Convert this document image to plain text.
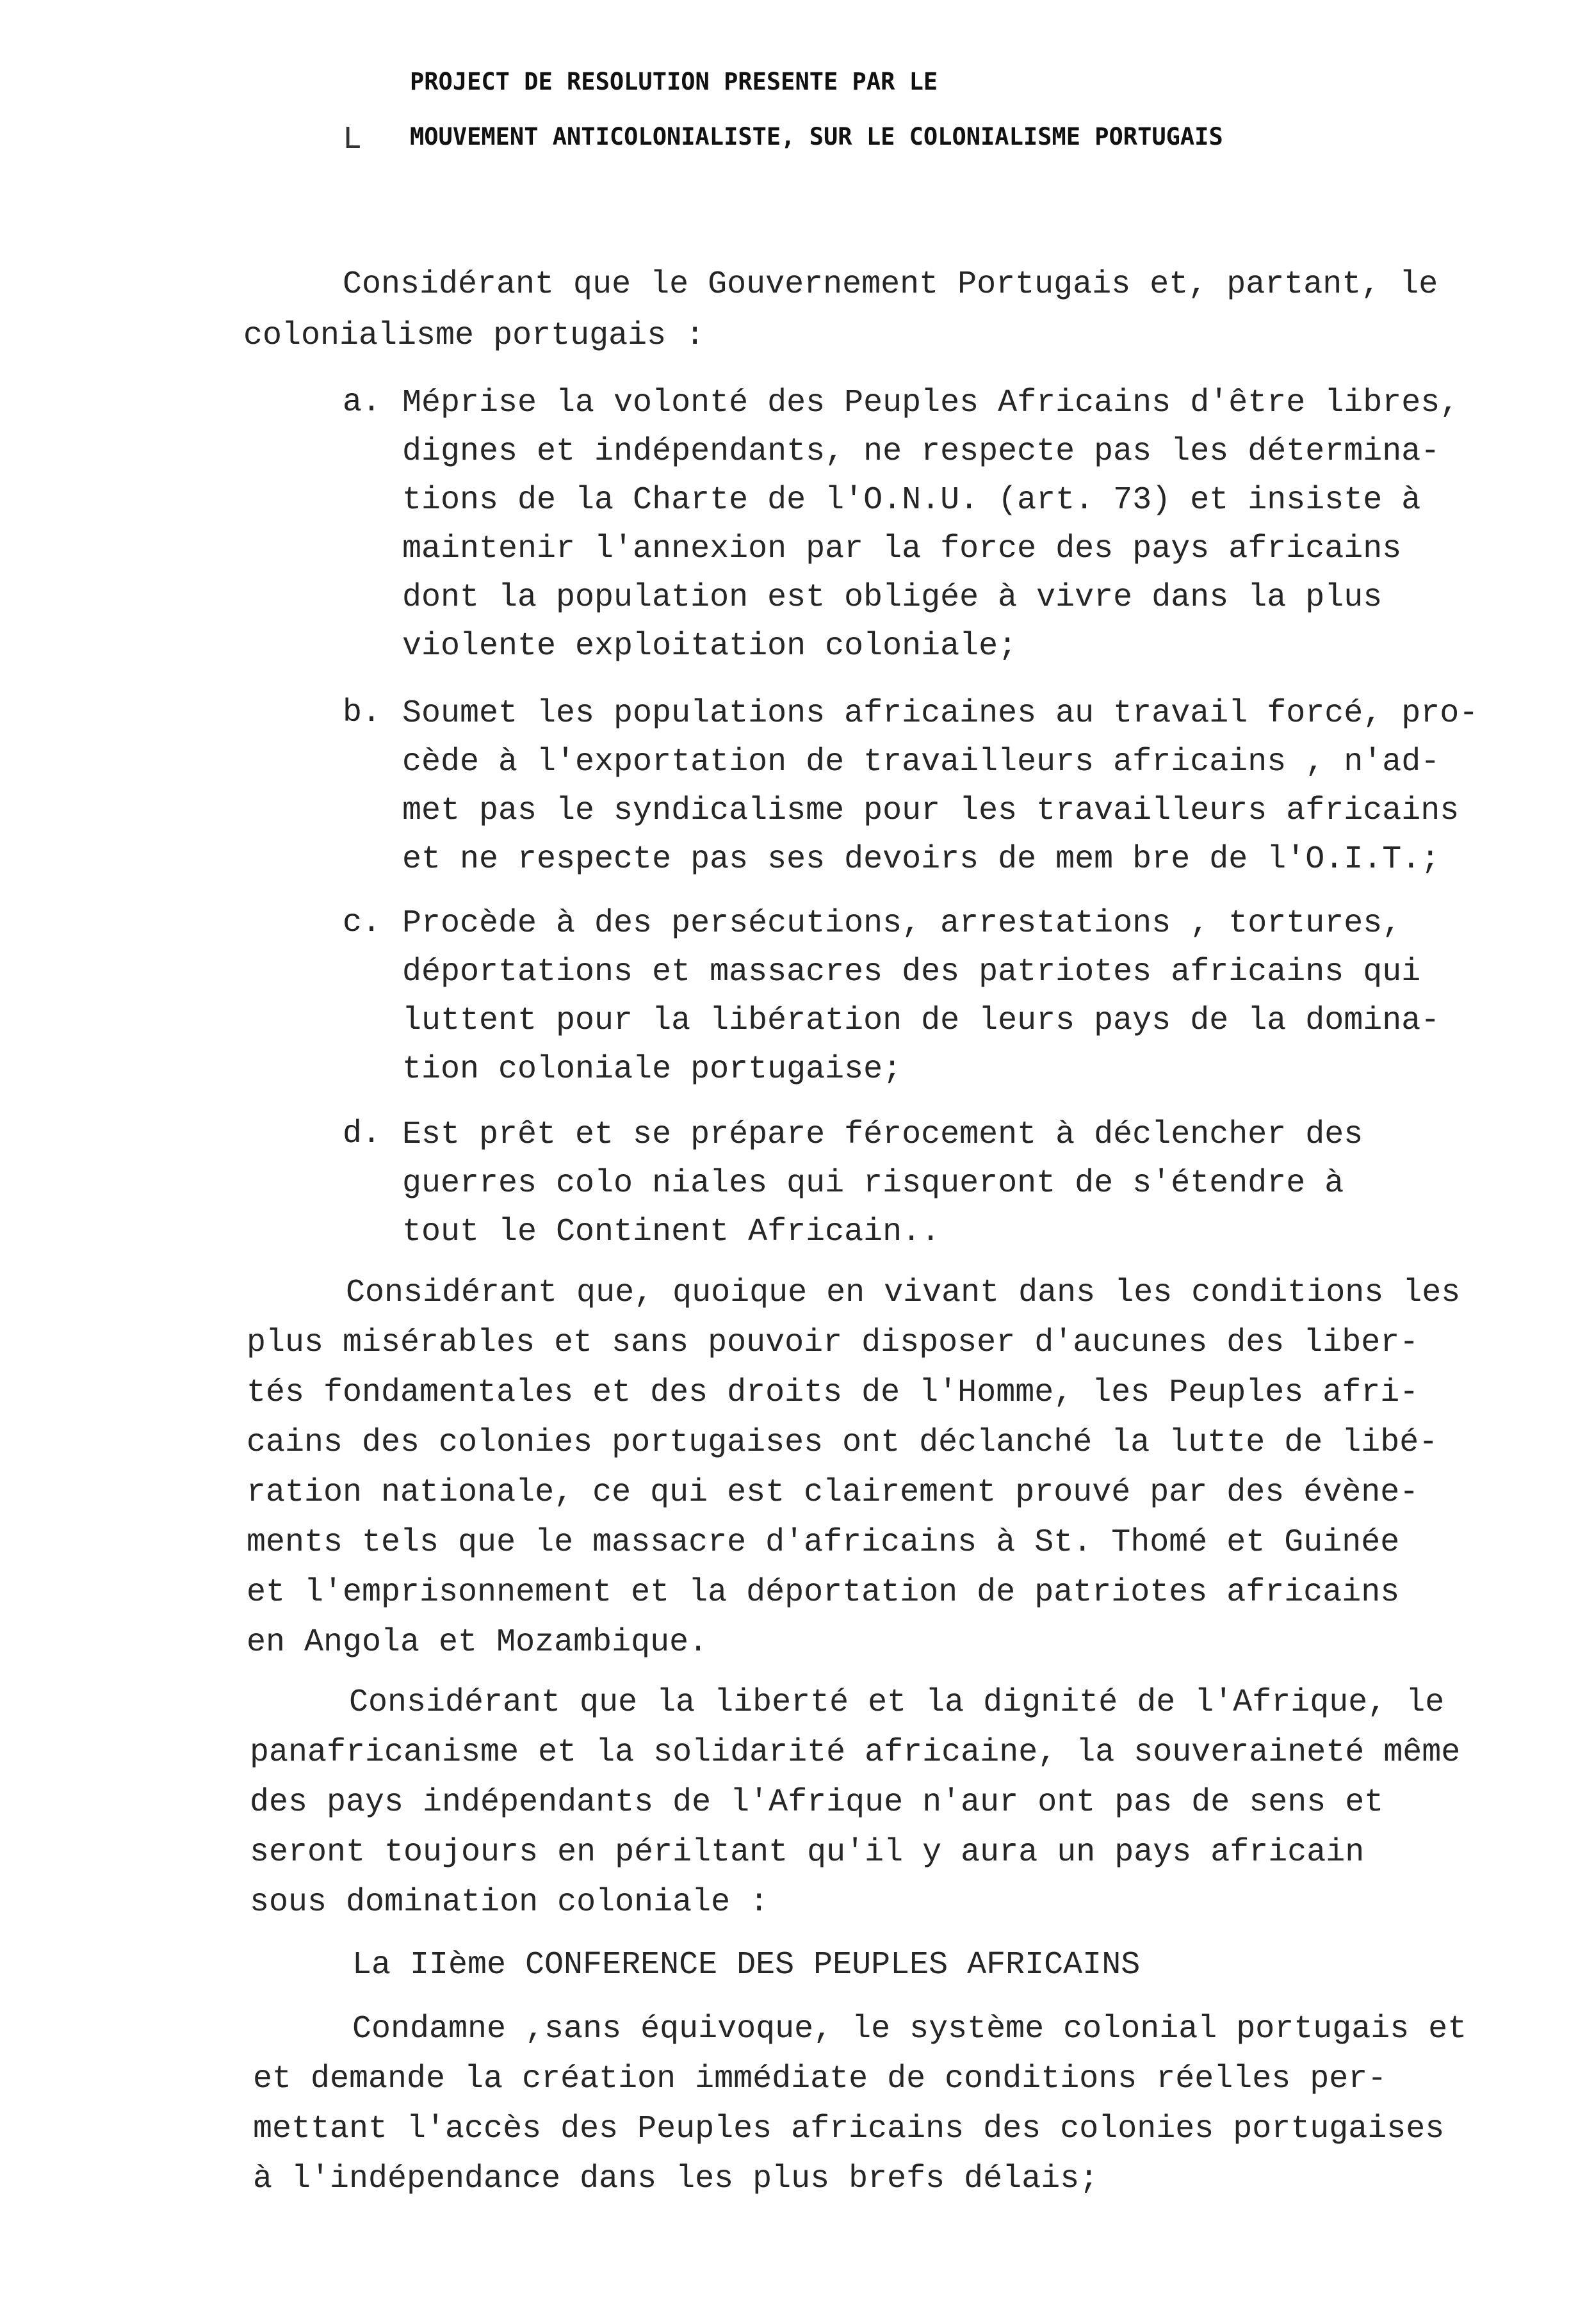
L
PROJECT DE RESOLUTION PRESENTE PAR LE
MOUVEMENT ANTICOLONIALISTE, SUR LE COLONIALISME PORTUGAIS
Considérant que le Gouvernement Portugais et, partant, le
colonialisme portugais :
a. Méprise la volonté des Peuples Africains d'être libres,
dignes et indépendants, ne respecte pas les détermina-
tions de la Charte de l'O.N.U. (art. 73) et insiste à
maintenir l'annexion par la force des pays africains
dont la population est obligée à vivre dans la plus
violente exploitation coloniale;
b. Soumet les populations africaines au travail forcé, pro-
cède à l'exportation de travailleurs africains , n'ad-
met pas le syndicalisme pour les travailleurs africains
et ne respecte pas ses devoirs de mem bre de l'O.I.T.;
c. Procède à des persécutions, arrestations , tortures,
déportations et massacres des patriotes africains qui
luttent pour la libération de leurs pays de la domina-
tion coloniale portugaise;
d. Est prêt et se prépare férocement à déclencher des
guerres colo niales qui risqueront de s'étendre à
tout le Continent Africain..
Considérant que, quoique en vivant dans les conditions les
plus misérables et sans pouvoir disposer d'aucunes des liber-
tés fondamentales et des droits de l'Homme, les Peuples afri-
cains des colonies portugaises ont déclanché la lutte de libé-
ration nationale, ce qui est clairement prouvé par des évène-
ments tels que le massacre d'africains à St. Thomé et Guinée
et l'emprisonnement et la déportation de patriotes africains
en Angola et Mozambique.
Considérant que la liberté et la dignité de l'Afrique, le
panafricanisme et la solidarité africaine, la souveraineté même
des pays indépendants de l'Afrique n'aur ont pas de sens et
seront toujours en périltant qu'il y aura un pays africain
sous domination coloniale :
La IIème CONFERENCE DES PEUPLES AFRICAINS
Condamne ,sans équivoque, le système colonial portugais et
et demande la création immédiate de conditions réelles per-
mettant l'accès des Peuples africains des colonies portugaises
à l'indépendance dans les plus brefs délais;
